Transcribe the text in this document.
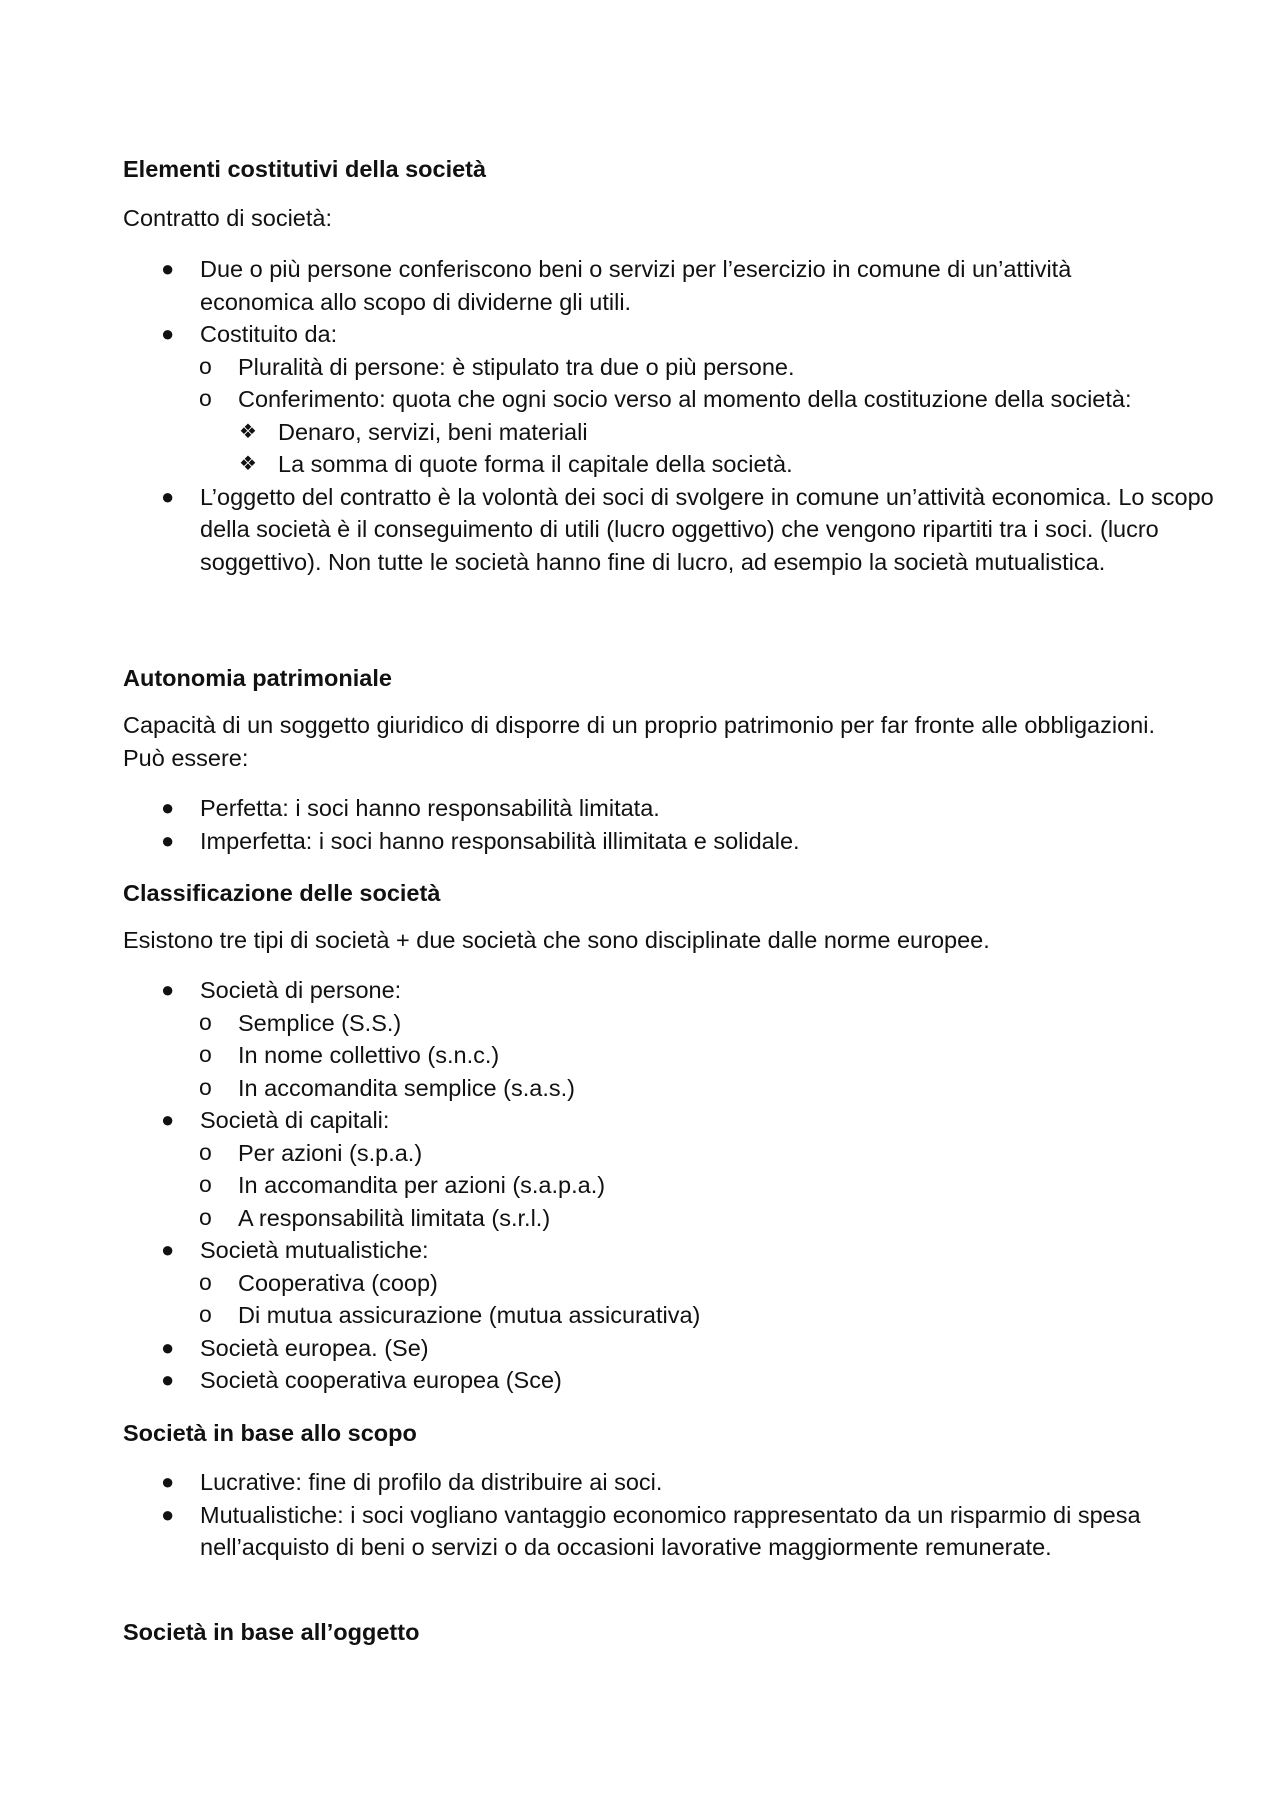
Elementi costitutivi della società
Contratto di società:
● Due o più persone conferiscono beni o servizi per l’esercizio in comune di un’attività economica allo scopo di dividerne gli utili.
● Costituito da:
o Pluralità di persone: è stipulato tra due o più persone.
o Conferimento: quota che ogni socio verso al momento della costituzione della società:
❖ Denaro, servizi, beni materiali
❖ La somma di quote forma il capitale della società.
● L’oggetto del contratto è la volontà dei soci di svolgere in comune un’attività economica. Lo scopo della società è il conseguimento di utili (lucro oggettivo) che vengono ripartiti tra i soci. (lucro soggettivo). Non tutte le società hanno fine di lucro, ad esempio la società mutualistica.
Autonomia patrimoniale
Capacità di un soggetto giuridico di disporre di un proprio patrimonio per far fronte alle obbligazioni. Può essere:
● Perfetta: i soci hanno responsabilità limitata.
● Imperfetta: i soci hanno responsabilità illimitata e solidale.
Classificazione delle società
Esistono tre tipi di società + due società che sono disciplinate dalle norme europee.
● Società di persone:
o Semplice (S.S.)
o In nome collettivo (s.n.c.)
o In accomandita semplice (s.a.s.)
● Società di capitali:
o Per azioni (s.p.a.)
o In accomandita per azioni (s.a.p.a.)
o A responsabilità limitata (s.r.l.)
● Società mutualistiche:
o Cooperativa (coop)
o Di mutua assicurazione (mutua assicurativa)
● Società europea. (Se)
● Società cooperativa europea (Sce)
Società in base allo scopo
● Lucrative: fine di profilo da distribuire ai soci.
● Mutualistiche: i soci vogliano vantaggio economico rappresentato da un risparmio di spesa nell’acquisto di beni o servizi o da occasioni lavorative maggiormente remunerate.
Società in base all’oggetto
